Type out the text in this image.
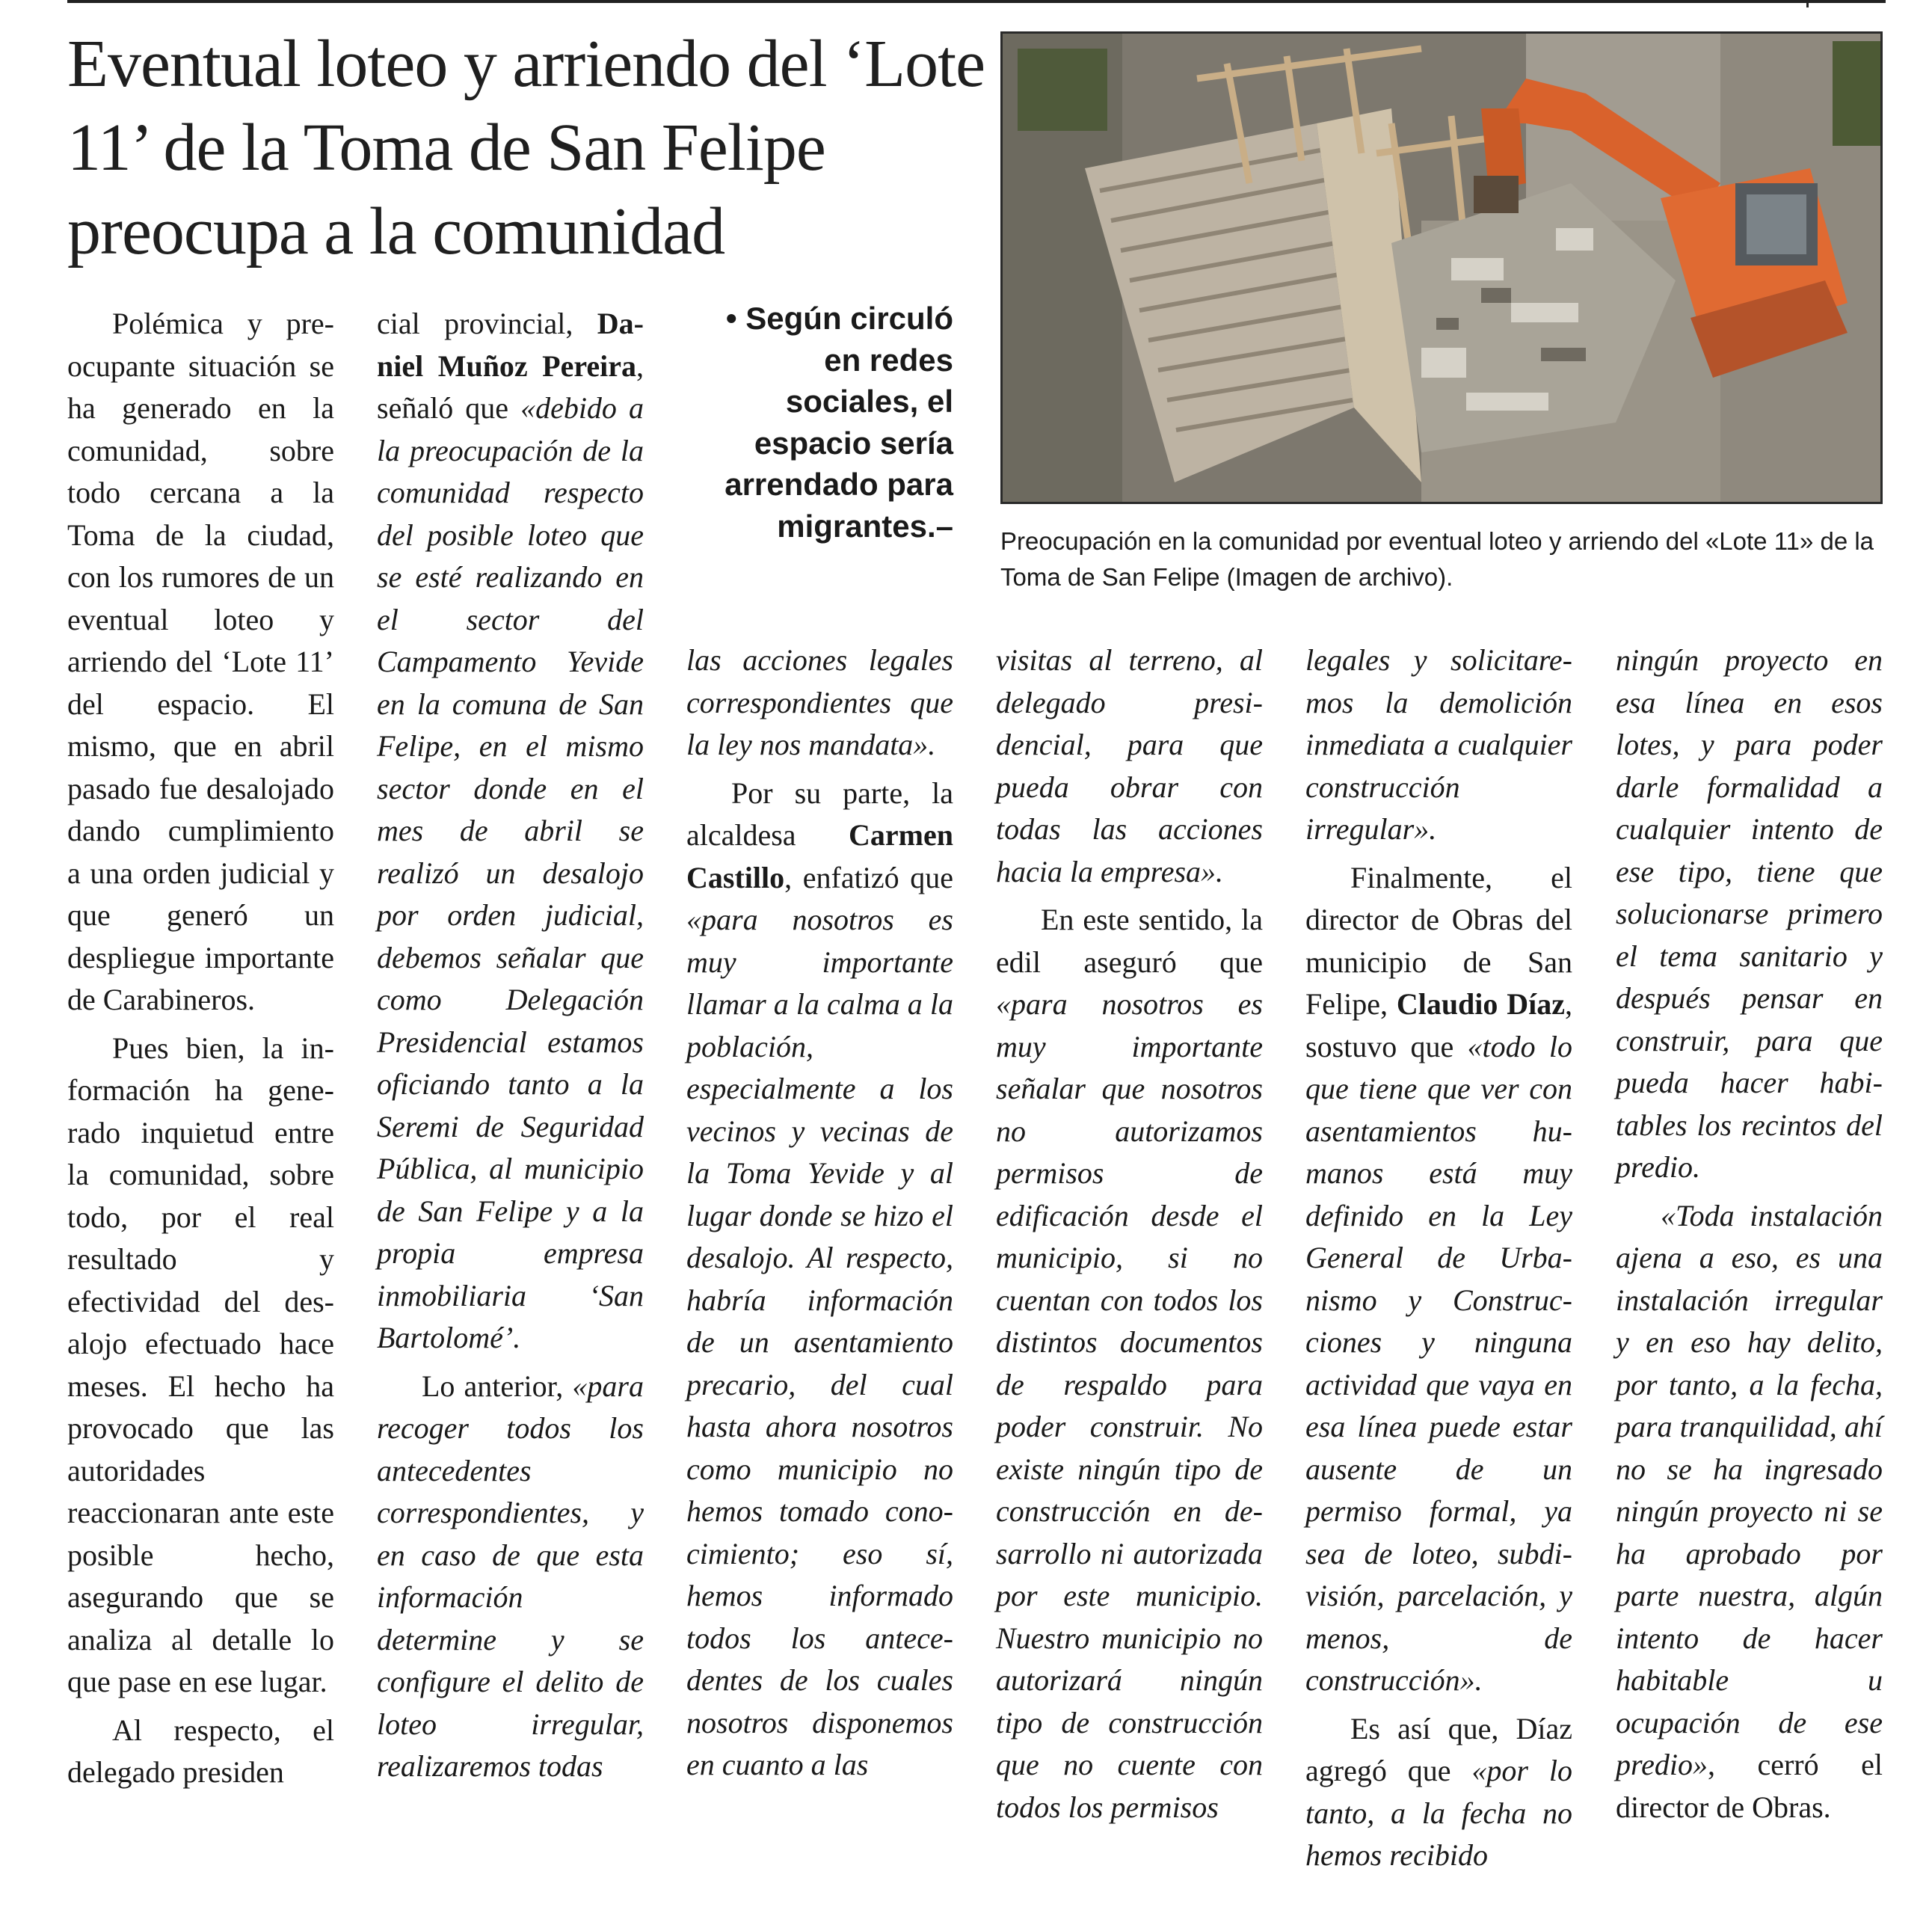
Eventual loteo y arriendo del ‘Lote 11’ de la Toma de San Felipe preocupa a la comunidad

Preocupación en la comunidad por eventual loteo y arriendo del «Lote 11» de la Toma de San Felipe (Imagen de archivo).

• Según circuló en redes sociales, el espacio sería arrendado para migrantes.–

Polémica y preocupante situación se ha generado en la comunidad, sobre todo cercana a la Toma de la ciudad, con los rumores de un eventual loteo y arriendo del ‘Lote 11’ del espacio. El mismo, que en abril pasado fue desalojado dando cumplimiento a una orden judicial y que generó un despliegue importante de Carabineros.

Pues bien, la información ha generado inquietud entre la comunidad, sobre todo, por el real resultado y efectividad del desalojo efectuado hace meses. El hecho ha provocado que las autoridades reaccionaran ante este posible hecho, asegurando que se analiza al detalle lo que pase en ese lugar.

Al respecto, el delegado presiden

cial provincial, Daniel Muñoz Pereira, señaló que «debido a la preocupación de la comunidad respecto del posible loteo que se esté realizando en el sector del Campamento Yevide en la comuna de San Felipe, en el mismo sector donde en el mes de abril se realizó un desalojo por orden judicial, debemos señalar que como Delegación Presidencial estamos oficiando tanto a la Seremi de Seguridad Pública, al municipio de San Felipe y a la propia empresa inmobiliaria ‘San Bartolomé’.

Lo anterior, «para recoger todos los antecedentes correspondientes, y en caso de que esta información determine y se configure el delito de loteo irregular, realizaremos todas

las acciones legales correspondientes que la ley nos mandata».

Por su parte, la alcaldesa Carmen Castillo, enfatizó que «para nosotros es muy importante llamar a la calma a la población, especialmente a los vecinos y vecinas de la Toma Yevide y al lugar donde se hizo el desalojo. Al respecto, habría información de un asentamiento precario, del cual hasta ahora nosotros como municipio no hemos tomado conocimiento; eso sí, hemos informado todos los antecedentes de los cuales nosotros disponemos en cuanto a las

visitas al terreno, al delegado presidencial, para que pueda obrar con todas las acciones hacia la empresa».

En este sentido, la edil aseguró que «para nosotros es muy importante señalar que nosotros no autorizamos permisos de edificación desde el municipio, si no cuentan con todos los distintos documentos de respaldo para poder construir. No existe ningún tipo de construcción en desarrollo ni autorizada por este municipio. Nuestro municipio no autorizará ningún tipo de construcción que no cuente con todos los permisos

legales y solicitaremos la demolición inmediata a cualquier construcción irregular».

Finalmente, el director de Obras del municipio de San Felipe, Claudio Díaz, sostuvo que «todo lo que tiene que ver con asentamientos humanos está muy definido en la Ley General de Urbanismo y Construcciones y ninguna actividad que vaya en esa línea puede estar ausente de un permiso formal, ya sea de loteo, subdivisión, parcelación, y menos, de construcción».

Es así que, Díaz agregó que «por lo tanto, a la fecha no hemos recibido

ningún proyecto en esa línea en esos lotes, y para poder darle formalidad a cualquier intento de ese tipo, tiene que solucionarse primero el tema sanitario y después pensar en construir, para que pueda hacer habitables los recintos del predio.

«Toda instalación ajena a eso, es una instalación irregular y en eso hay delito, por tanto, a la fecha, para tranquilidad, ahí no se ha ingresado ningún proyecto ni se ha aprobado por parte nuestra, algún intento de hacer habitable u ocupación de ese predio», cerró el director de Obras.
